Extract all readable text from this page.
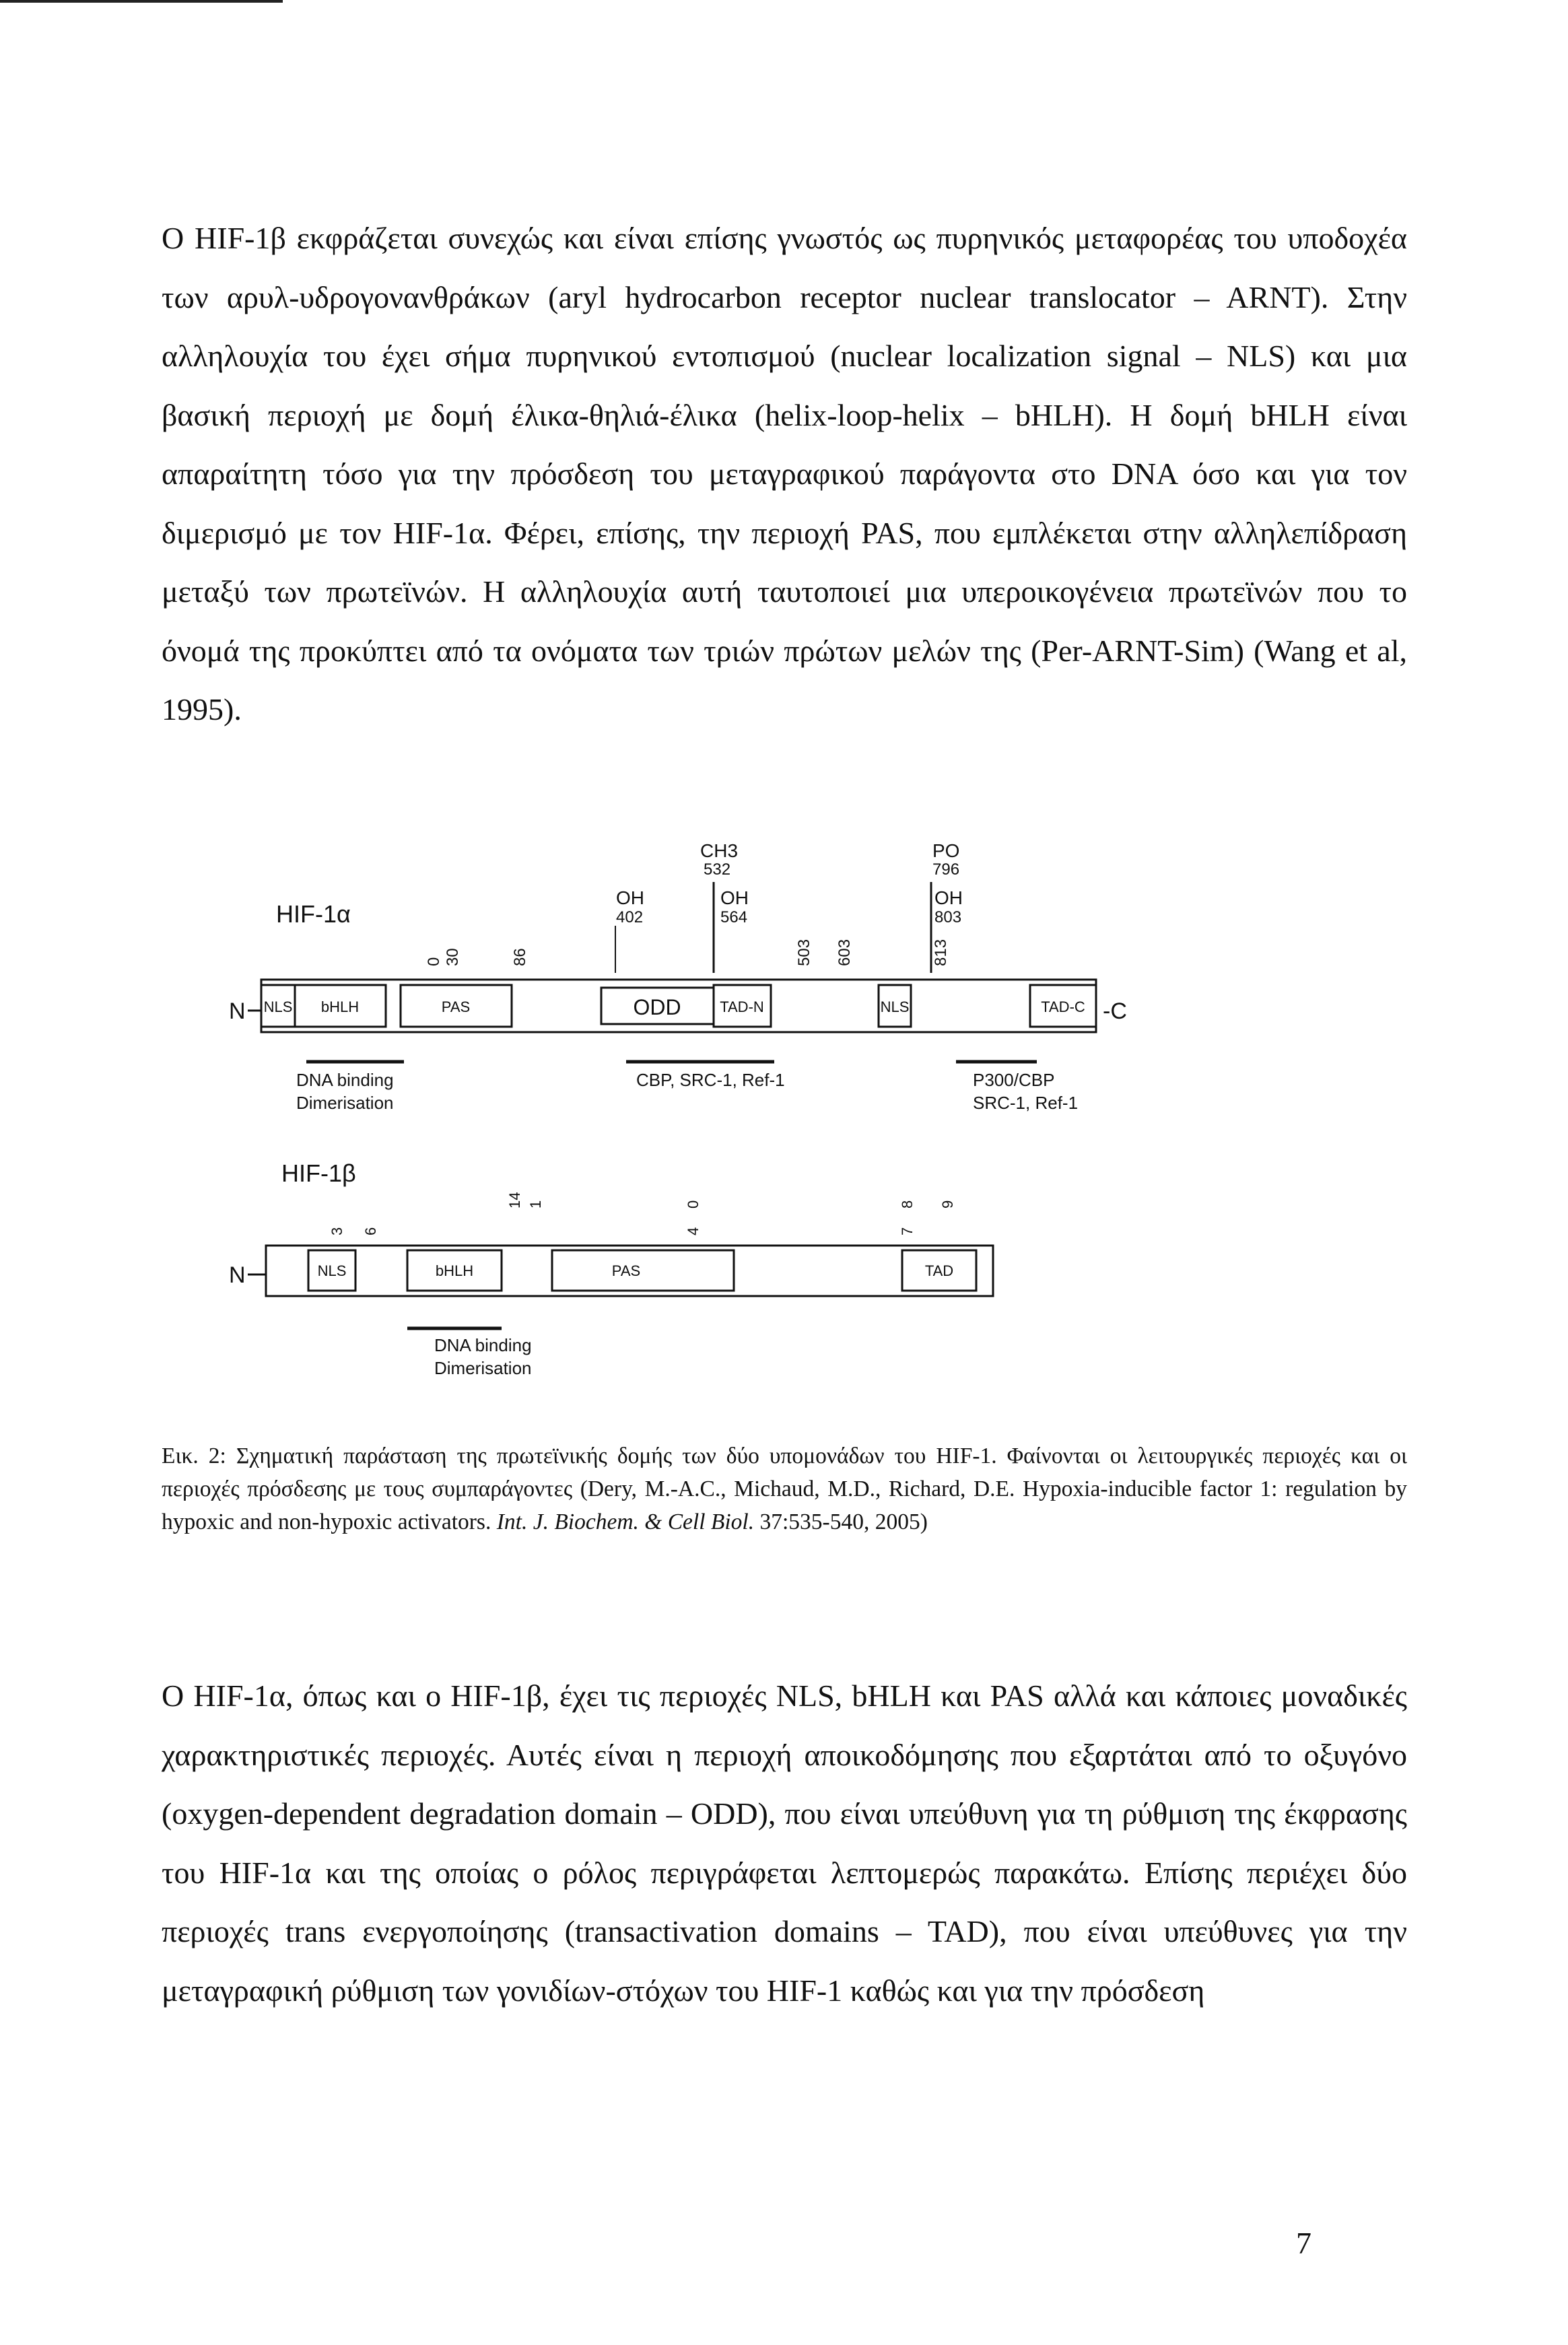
Ο HIF-1β εκφράζεται συνεχώς και είναι επίσης γνωστός ως πυρηνικός μεταφορέας του υποδοχέα των αρυλ-υδρογονανθράκων (aryl hydrocarbon receptor nuclear translocator – ARNT). Στην αλληλουχία του έχει σήμα πυρηνικού εντοπισμού (nuclear localization signal – NLS) και μια βασική περιοχή με δομή έλικα-θηλιά-έλικα (helix-loop-helix – bHLH). Η δομή bHLH είναι απαραίτητη τόσο για την πρόσδεση του μεταγραφικού παράγοντα στο DNA όσο και για τον διμερισμό με τον HIF-1α. Φέρει, επίσης, την περιοχή PAS, που εμπλέκεται στην αλληλεπίδραση μεταξύ των πρωτεϊνών. Η αλληλουχία αυτή ταυτοποιεί μια υπεροικογένεια πρωτεϊνών που το όνομά της προκύπτει από τα ονόματα των τριών πρώτων μελών της (Per-ARNT-Sim) (Wang et al, 1995).

HIF-1α
OH
402
CH3
532
OH
564
PO
796
OH
803
0 30	86	503 603	813
N	-C
NLS bHLH	PAS	ODD	TAD-N	NLS	TAD-C
DNA binding
Dimerisation
CBP, SRC-1, Ref-1	P300/CBP
SRC-1, Ref-1
HIF-1β
3 6
14 1	0
4
8
7
9
N	NLS	bHLH	PAS	TAD
DNA binding
Dimerisation

Εικ. 2: Σχηματική παράσταση της πρωτεϊνικής δομής των δύο υπομονάδων του HIF-1. Φαίνονται οι λειτουργικές περιοχές και οι περιοχές πρόσδεσης με τους συμπαράγοντες (Dery, M.-A.C., Michaud, M.D., Richard, D.E. Hypoxia-inducible factor 1: regulation by hypoxic and non-hypoxic activators. Int. J. Biochem. & Cell Biol. 37:535-540, 2005)

Ο HIF-1α, όπως και ο HIF-1β, έχει τις περιοχές NLS, bHLH και PAS αλλά και κάποιες μοναδικές χαρακτηριστικές περιοχές. Αυτές είναι η περιοχή αποικοδόμησης που εξαρτάται από το οξυγόνο (oxygen-dependent degradation domain – ODD), που είναι υπεύθυνη για τη ρύθμιση της έκφρασης του HIF-1α και της οποίας ο ρόλος περιγράφεται λεπτομερώς παρακάτω. Επίσης περιέχει δύο περιοχές trans ενεργοποίησης (transactivation domains – TAD), που είναι υπεύθυνες για την μεταγραφική ρύθμιση των γονιδίων-στόχων του HIF-1 καθώς και για την πρόσδεση

7
